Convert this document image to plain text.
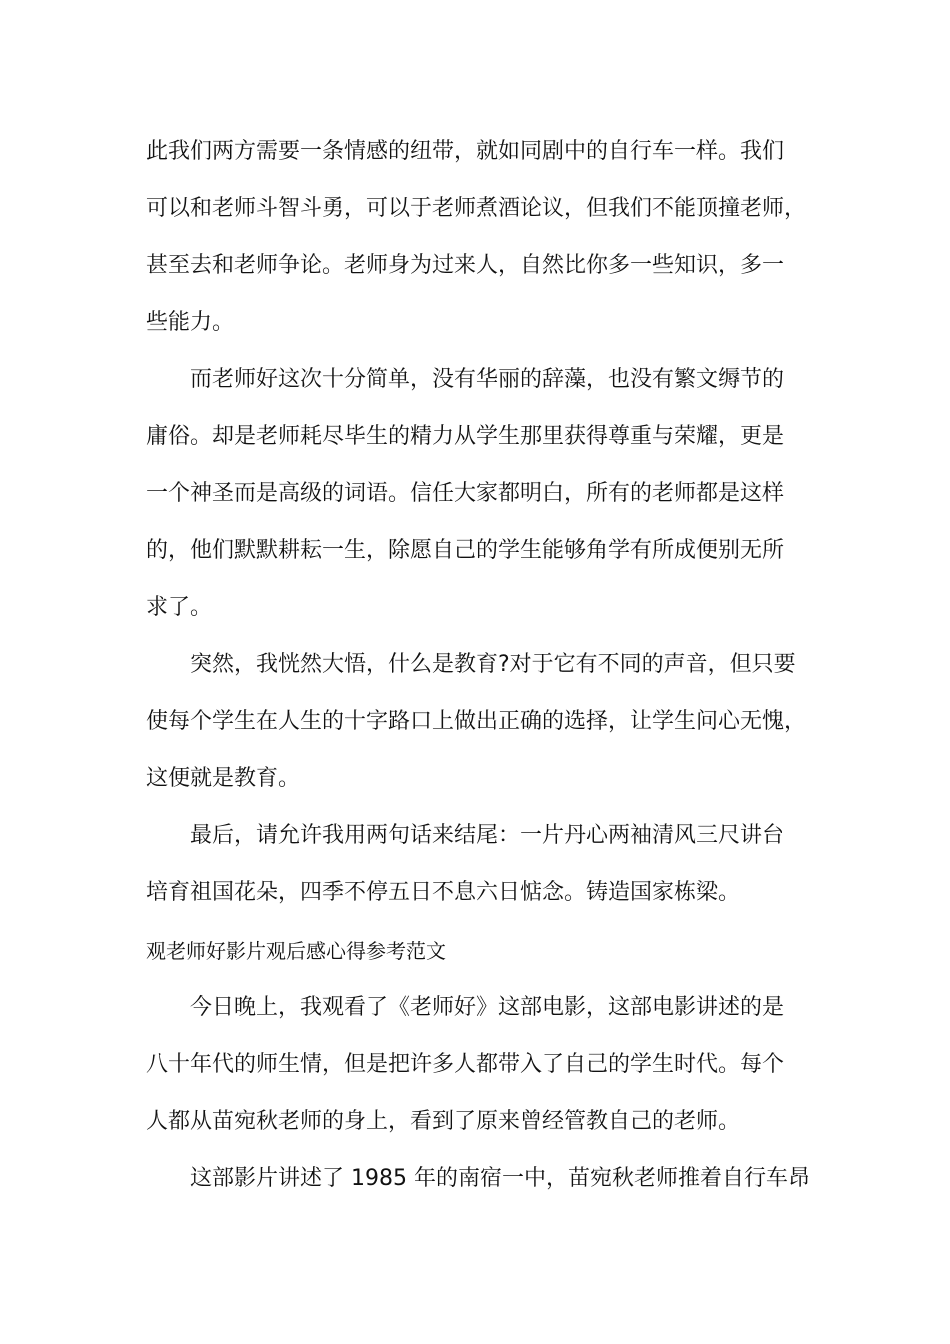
此我们两方需要一条情感的纽带，就如同剧中的自行车一样。我们
可以和老师斗智斗勇，可以于老师煮酒论议，但我们不能顶撞老师，
甚至去和老师争论。老师身为过来人，自然比你多一些知识，多一
些能力。
而老师好这次十分简单，没有华丽的辞藻，也没有繁文缛节的
庸俗。却是老师耗尽毕生的精力从学生那里获得尊重与荣耀，更是
一个神圣而是高级的词语。信任大家都明白，所有的老师都是这样
的，他们默默耕耘一生，除愿自己的学生能够角学有所成便别无所
求了。
突然，我恍然大悟，什么是教育?对于它有不同的声音，但只要
使每个学生在人生的十字路口上做出正确的选择，让学生问心无愧，
这便就是教育。
最后，请允许我用两句话来结尾：一片丹心两袖清风三尺讲台
培育祖国花朵，四季不停五日不息六日惦念。铸造国家栋梁。
观老师好影片观后感心得参考范文
今日晚上，我观看了《老师好》这部电影，这部电影讲述的是
八十年代的师生情，但是把许多人都带入了自己的学生时代。每个
人都从苗宛秋老师的身上，看到了原来曾经管教自己的老师。
这部影片讲述了 1985 年的南宿一中，苗宛秋老师推着自行车昂
